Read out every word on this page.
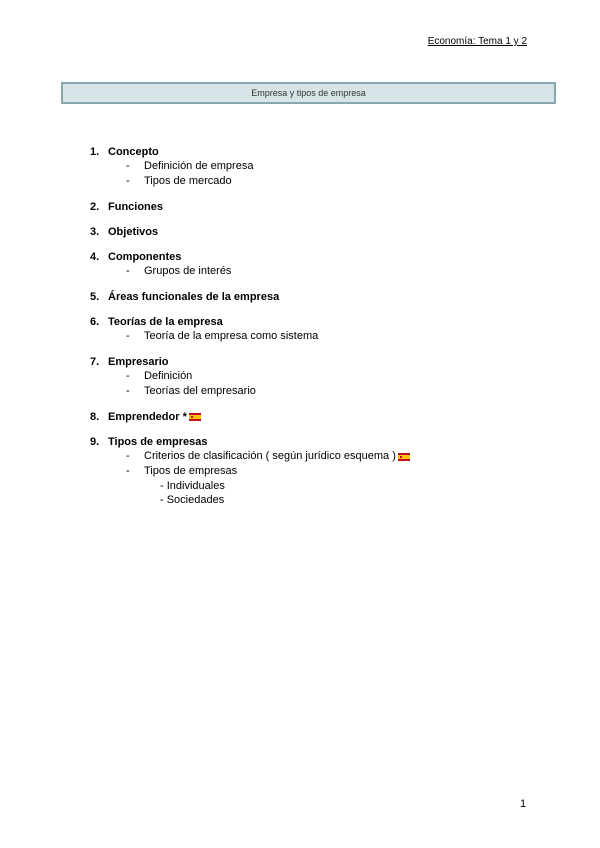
Economía: Tema 1 y 2
Empresa y tipos de empresa
1. Concepto
-	Definición de empresa
-	Tipos de mercado
2. Funciones
3. Objetivos
4. Componentes
-	Grupos de interés
5. Áreas funcionales de la empresa
6. Teorías de la empresa
-	Teoría de la empresa como sistema
7. Empresario
-	Definición
-	Teorías del empresario
8. Emprendedor *
9. Tipos de empresas
-	Criterios de clasificación ( según jurídico esquema )
-	Tipos de empresas
- Individuales
- Sociedades
1
